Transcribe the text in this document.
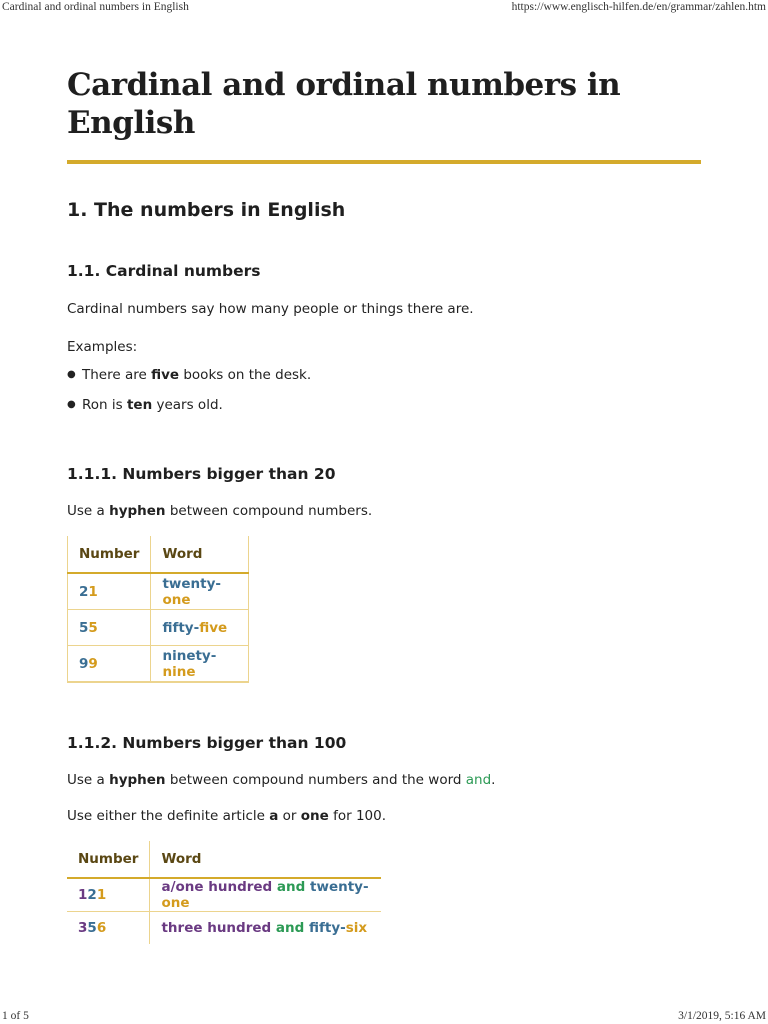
Cardinal and ordinal numbers in English	https://www.englisch-hilfen.de/en/grammar/zahlen.htm
1 of 5	3/1/2019, 5:16 AM
Cardinal and ordinal numbers in English
1. The numbers in English
1.1. Cardinal numbers
Cardinal numbers say how many people or things there are.
Examples:
● There are five books on the desk.
● Ron is ten years old.
1.1.1. Numbers bigger than 20
Use a hyphen between compound numbers.
Number	Word
21	twenty-one
55	fifty-five
99	ninety-nine
1.1.2. Numbers bigger than 100
Use a hyphen between compound numbers and the word and.
Use either the definite article a or one for 100.
Number	Word
121	a/one hundred and twenty-one
356	three hundred and fifty-six
